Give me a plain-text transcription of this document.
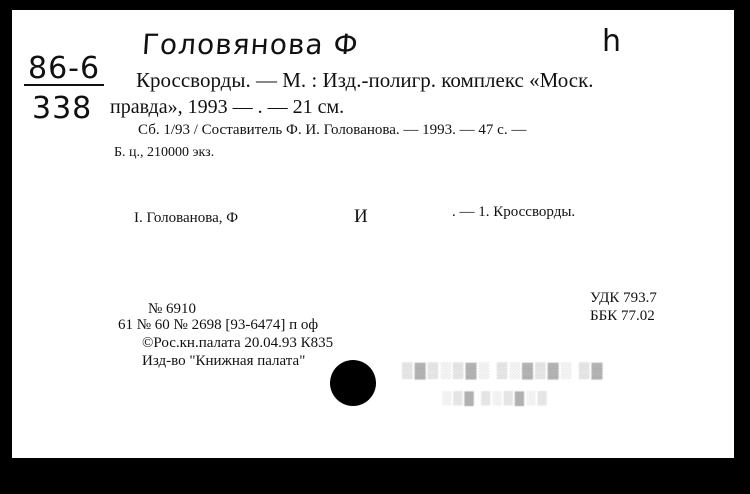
Головянова Ф	h
86-6
338
Кроссворды. — М. : Изд.-полигр. комплекс «Моск.
правда», 1993 — . — 21 см.
Сб. 1/93 / Составитель Ф. И. Голованова. — 1993. — 47 с. —
Б. ц., 210000 экз.
I. Голованова, Ф	И	. — 1. Кроссворды.
№ 6910
61 № 60 № 2698 [93-6474] п оф
©Рос.кн.палата 20.04.93 К835
Изд-во "Книжная палата"
УДК 793.7
ББК 77.02
▒▓▒░▒▓░ ▒░▓▒▓░ ▒▓
░▒▓ ▒░▒▓░▒
